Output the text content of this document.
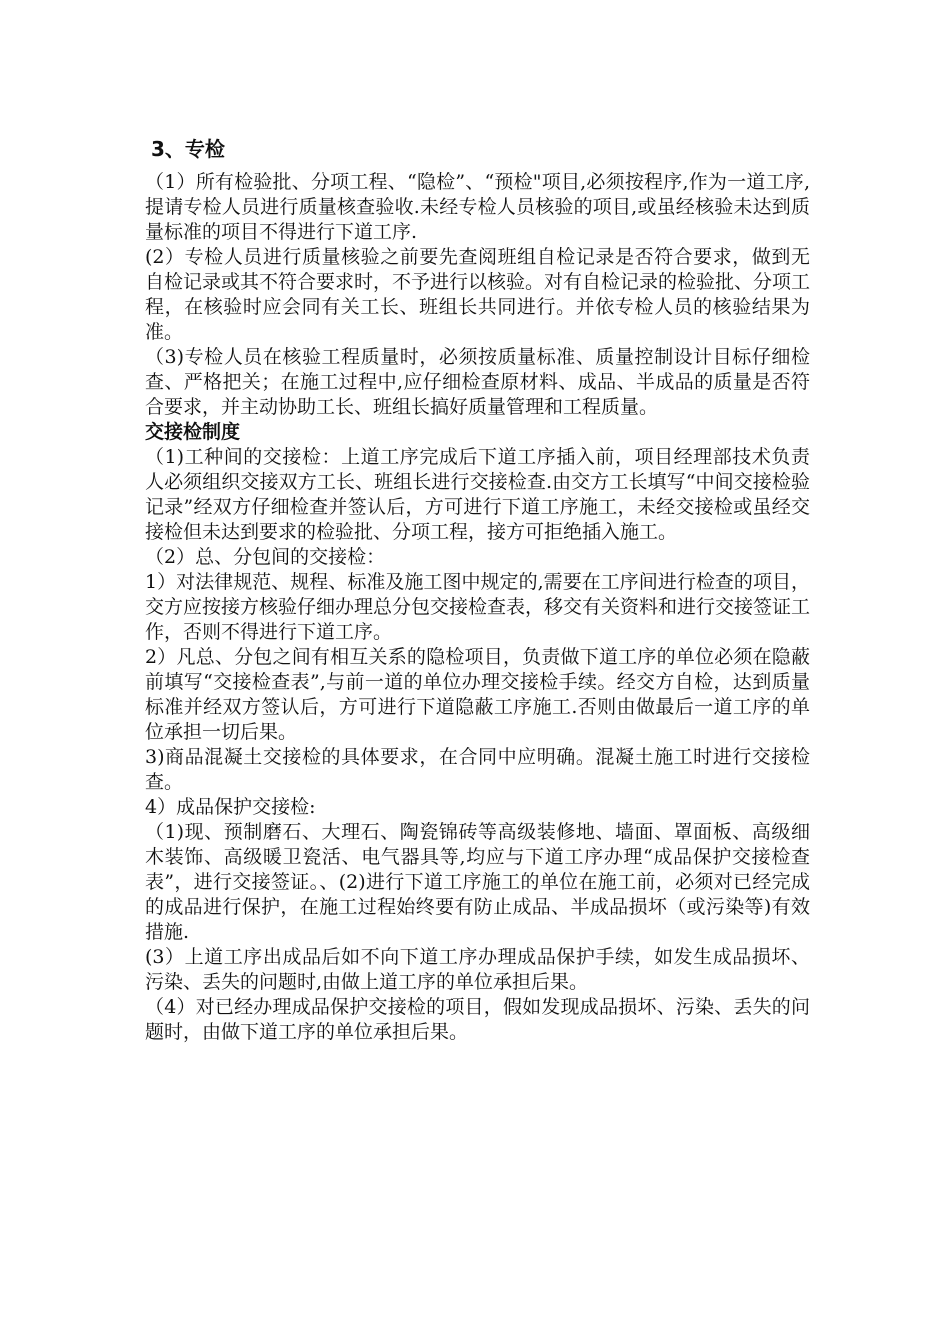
3、专检

（1）所有检验批、分项工程、“隐检”、“预检"项目,必须按程序,作为一道工序,提请专检人员进行质量核查验收.未经专检人员核验的项目,或虽经核验未达到质量标准的项目不得进行下道工序.

(2）专检人员进行质量核验之前要先查阅班组自检记录是否符合要求，做到无自检记录或其不符合要求时，不予进行以核验。对有自检记录的检验批、分项工程，在核验时应会同有关工长、班组长共同进行。并依专检人员的核验结果为准。

（3)专检人员在核验工程质量时，必须按质量标准、质量控制设计目标仔细检查、严格把关；在施工过程中,应仔细检查原材料、成品、半成品的质量是否符合要求，并主动协助工长、班组长搞好质量管理和工程质量。

交接检制度

（1)工种间的交接检：上道工序完成后下道工序插入前，项目经理部技术负责人必须组织交接双方工长、班组长进行交接检查.由交方工长填写“中间交接检验记录”经双方仔细检查并签认后，方可进行下道工序施工，未经交接检或虽经交接检但未达到要求的检验批、分项工程，接方可拒绝插入施工。

（2）总、分包间的交接检：

1）对法律规范、规程、标准及施工图中规定的,需要在工序间进行检查的项目，交方应按接方核验仔细办理总分包交接检查表，移交有关资料和进行交接签证工作，否则不得进行下道工序。

2）凡总、分包之间有相互关系的隐检项目，负责做下道工序的单位必须在隐蔽前填写“交接检查表”,与前一道的单位办理交接检手续。经交方自检，达到质量标准并经双方签认后，方可进行下道隐蔽工序施工.否则由做最后一道工序的单位承担一切后果。

3)商品混凝土交接检的具体要求，在合同中应明确。混凝土施工时进行交接检查。

4）成品保护交接检:

（1)现、预制磨石、大理石、陶瓷锦砖等高级装修地、墙面、罩面板、高级细木装饰、高级暖卫瓷活、电气器具等,均应与下道工序办理“成品保护交接检查表”，进行交接签证。、(2)进行下道工序施工的单位在施工前，必须对已经完成的成品进行保护，在施工过程始终要有防止成品、半成品损坏（或污染等)有效措施.

(3）上道工序出成品后如不向下道工序办理成品保护手续，如发生成品损坏、污染、丢失的问题时,由做上道工序的单位承担后果。

（4）对已经办理成品保护交接检的项目，假如发现成品损坏、污染、丢失的问题时，由做下道工序的单位承担后果。
